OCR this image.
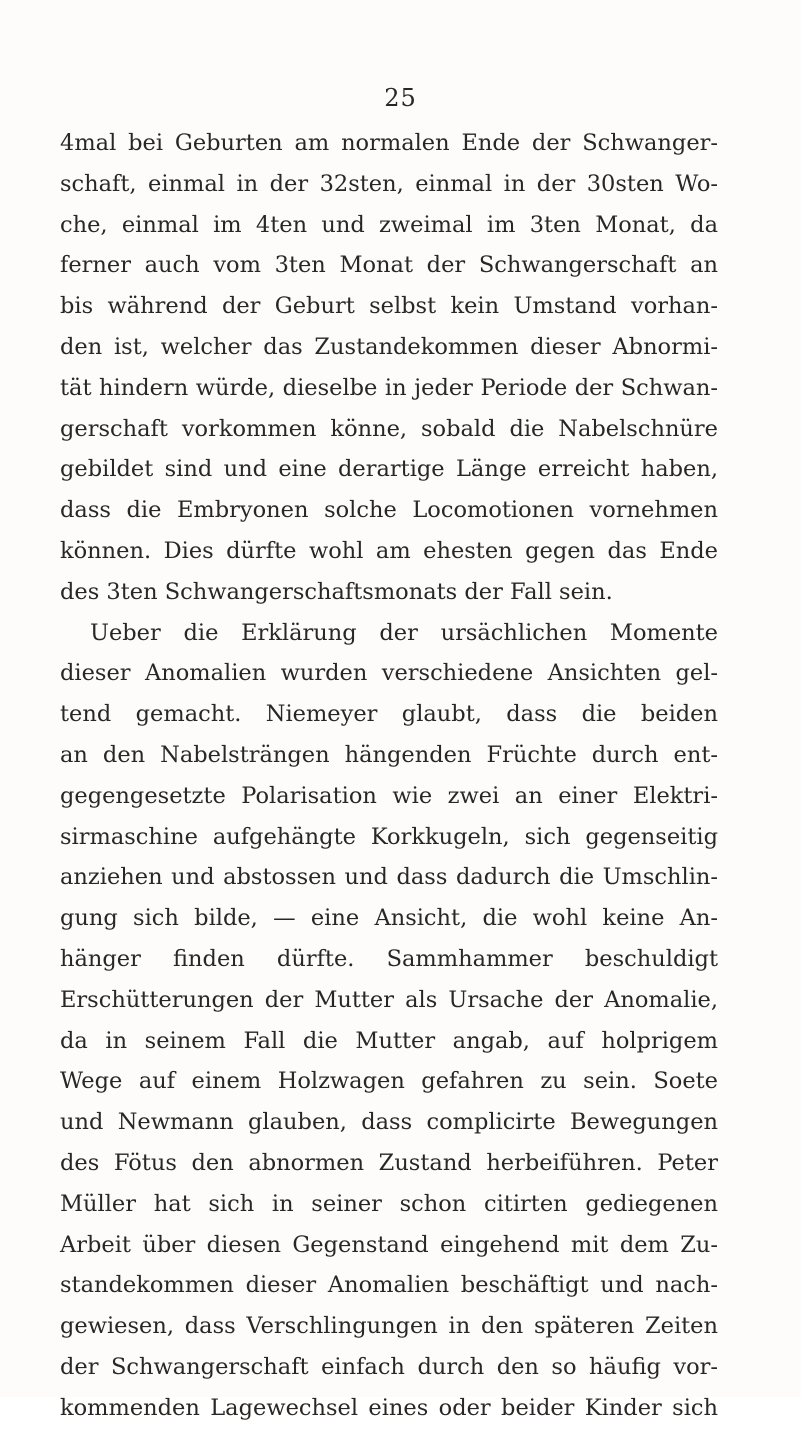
25
4mal bei Geburten am normalen Ende der Schwanger-
schaft, einmal in der 32sten, einmal in der 30sten Wo-
che, einmal im 4ten und zweimal im 3ten Monat, da
ferner auch vom 3ten Monat der Schwangerschaft an
bis während der Geburt selbst kein Umstand vorhan-
den ist, welcher das Zustandekommen dieser Abnormi-
tät hindern würde, dieselbe in jeder Periode der Schwan-
gerschaft vorkommen könne, sobald die Nabelschnüre
gebildet sind und eine derartige Länge erreicht haben,
dass die Embryonen solche Locomotionen vornehmen
können. Dies dürfte wohl am ehesten gegen das Ende
des 3ten Schwangerschaftsmonats der Fall sein.
Ueber die Erklärung der ursächlichen Momente
dieser Anomalien wurden verschiedene Ansichten gel-
tend gemacht. Niemeyer glaubt, dass die beiden
an den Nabelsträngen hängenden Früchte durch ent-
gegengesetzte Polarisation wie zwei an einer Elektri-
sirmaschine aufgehängte Korkkugeln, sich gegenseitig
anziehen und abstossen und dass dadurch die Umschlin-
gung sich bilde, — eine Ansicht, die wohl keine An-
hänger finden dürfte. Sammhammer beschuldigt
Erschütterungen der Mutter als Ursache der Anomalie,
da in seinem Fall die Mutter angab, auf holprigem
Wege auf einem Holzwagen gefahren zu sein. Soete
und Newmann glauben, dass complicirte Bewegungen
des Fötus den abnormen Zustand herbeiführen. Peter
Müller hat sich in seiner schon citirten gediegenen
Arbeit über diesen Gegenstand eingehend mit dem Zu-
standekommen dieser Anomalien beschäftigt und nach-
gewiesen, dass Verschlingungen in den späteren Zeiten
der Schwangerschaft einfach durch den so häufig vor-
kommenden Lagewechsel eines oder beider Kinder sich
